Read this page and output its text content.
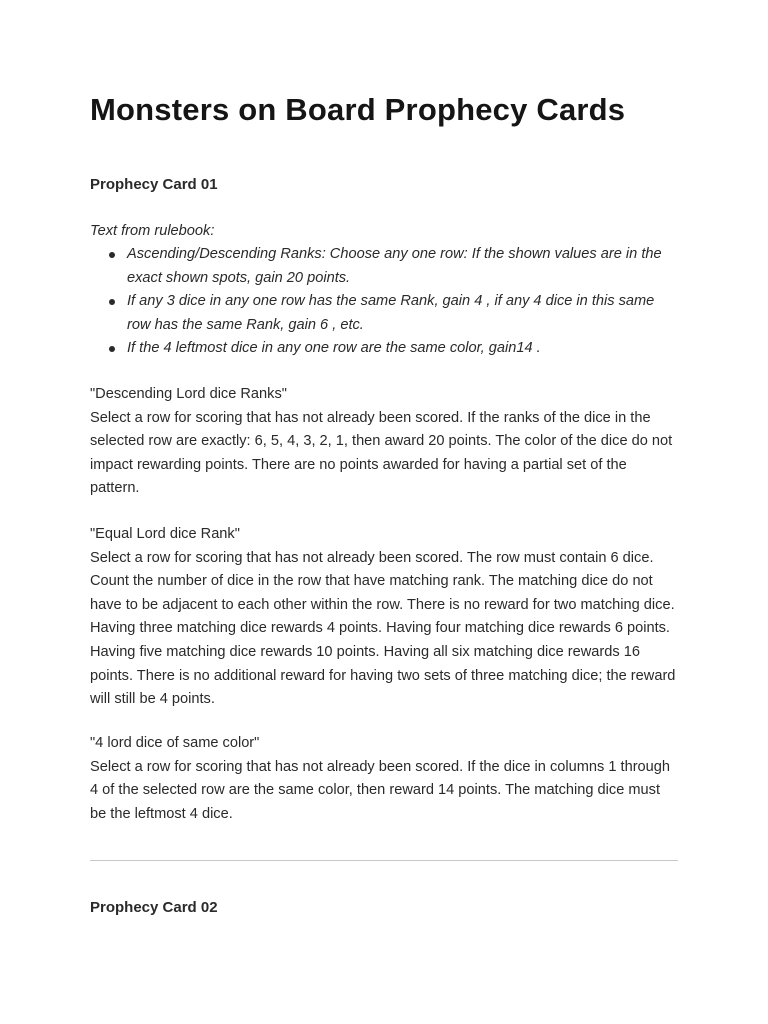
Monsters on Board Prophecy Cards
Prophecy Card 01

Text from rulebook:

Ascending/Descending Ranks: Choose any one row: If the shown values are in the exact shown spots, gain 20 points.
If any 3 dice in any one row has the same Rank, gain 4 , if any 4 dice in this same row has the same Rank, gain 6 , etc.
If the 4 leftmost dice in any one row are the same color, gain14 .
"Descending Lord dice Ranks"
Select a row for scoring that has not already been scored. If the ranks of the dice in the selected row are exactly: 6, 5, 4, 3, 2, 1, then award 20 points. The color of the dice do not impact rewarding points. There are no points awarded for having a partial set of the pattern.
"Equal Lord dice Rank"
Select a row for scoring that has not already been scored. The row must contain 6 dice. Count the number of dice in the row that have matching rank. The matching dice do not have to be adjacent to each other within the row. There is no reward for two matching dice. Having three matching dice rewards 4 points. Having four matching dice rewards 6 points. Having five matching dice rewards 10 points. Having all six matching dice rewards 16 points. There is no additional reward for having two sets of three matching dice; the reward will still be 4 points.
"4 lord dice of same color"
Select a row for scoring that has not already been scored. If the dice in columns 1 through 4 of the selected row are the same color, then reward 14 points. The matching dice must be the leftmost 4 dice.
Prophecy Card 02
